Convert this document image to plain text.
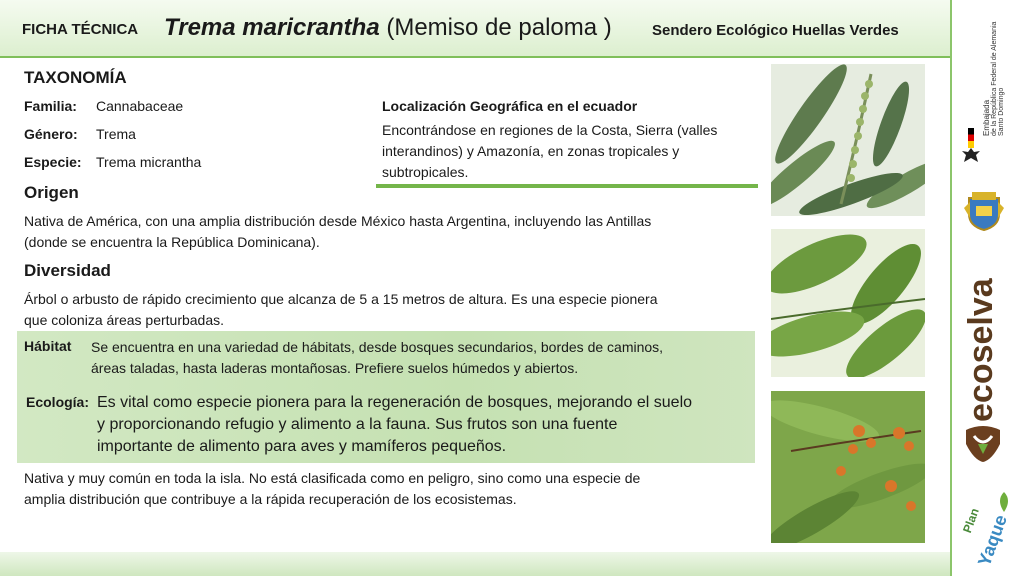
FICHA TÉCNICA Trema maricrantha (Memiso de paloma )	Sendero Ecológico Huellas Verdes
TAXONOMÍA
Familia: Cannabaceae
Género: Trema
Especie: Trema micrantha
Localización Geográfica en el ecuador
Encontrándose en regiones de la Costa, Sierra (valles interandinos) y Amazonía, en zonas tropicales y subtropicales.
Origen
Nativa de América, con una amplia distribución desde México hasta Argentina, incluyendo las Antillas
(donde se encuentra la República Dominicana).
Diversidad
Árbol o arbusto de rápido crecimiento que alcanza de 5 a 15 metros de altura. Es una especie pionera
que coloniza áreas perturbadas.
Hábitat Se encuentra en una variedad de hábitats, desde bosques secundarios, bordes de caminos,
áreas taladas, hasta laderas montañosas. Prefiere suelos húmedos y abiertos.
Ecología: Es vital como especie pionera para la regeneración de bosques, mejorando el suelo
y proporcionando refugio y alimento a la fauna. Sus frutos son una fuente
importante de alimento para aves y mamíferos pequeños.
Nativa y muy común en toda la isla. No está clasificada como en peligro, sino como una especie de
amplia distribución que contribuye a la rápida recuperación de los ecosistemas.
Embajada de la República Federal de Alemania Santo Domingo
ecoselva
Plan
Yaque
